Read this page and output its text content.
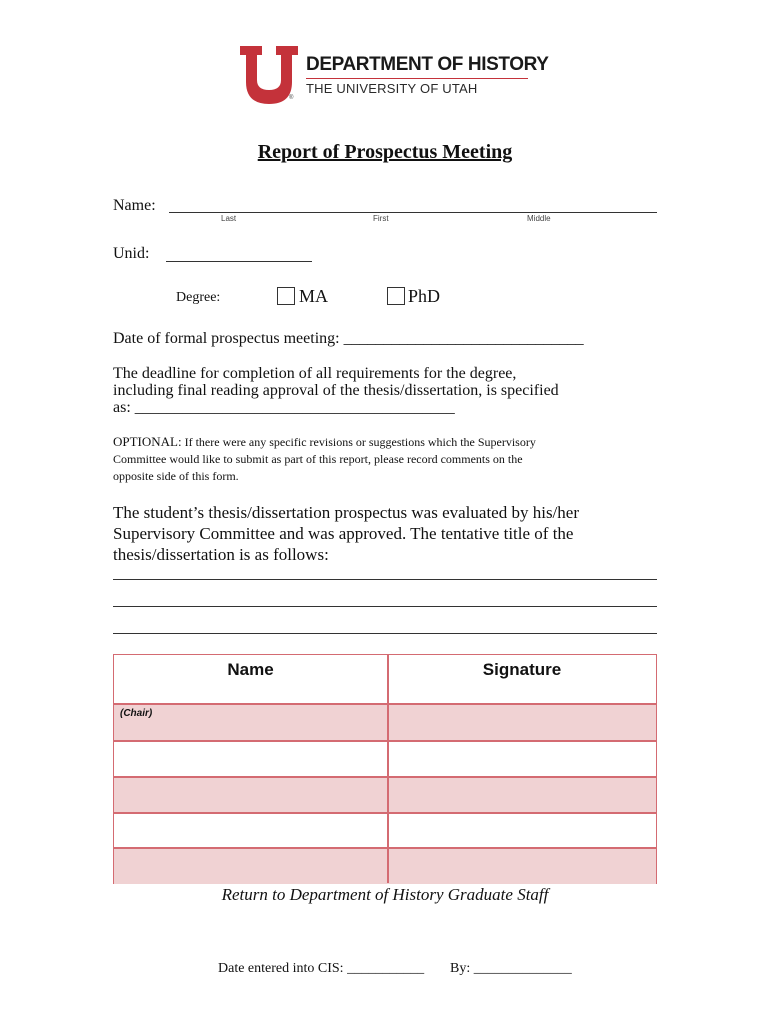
®
DEPARTMENT OF HISTORY
THE UNIVERSITY OF UTAH
Report of Prospectus Meeting
Name:
Last	First	Middle
Unid:
Degree:	MA	PhD
Date of formal prospectus meeting: ______________________________
The deadline for completion of all requirements for the degree,
including final reading approval of the thesis/dissertation, is specified
as: ________________________________________
OPTIONAL: If there were any specific revisions or suggestions which the Supervisory
Committee would like to submit as part of this report, please record comments on the
opposite side of this form.
The student’s thesis/dissertation prospectus was evaluated by his/her
Supervisory Committee and was approved. The tentative title of the
thesis/dissertation is as follows:
Name	Signature
(Chair)
Return to Department of History Graduate Staff
Date entered into CIS: ___________ By: ______________
